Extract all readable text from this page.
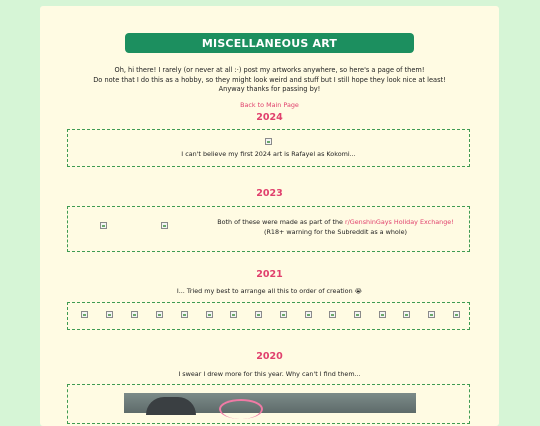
MISCELLANEOUS ART
Oh, hi there! I rarely (or never at all :·) post my artworks anywhere, so here's a page of them!
Do note that I do this as a hobby, so they might look weird and stuff but I still hope they look nice at least!
Anyway thanks for passing by!
Back to Main Page
2024
I can't believe my first 2024 art is Rafayel as Kokomi...
2023
Both of these were made as part of the r/GenshinGays Holiday Exchange!
(R18+ warning for the Subreddit as a whole)
2021
I... Tried my best to arrange all this to order of creation 😭
2020
I swear I drew more for this year. Why can't I find them...
